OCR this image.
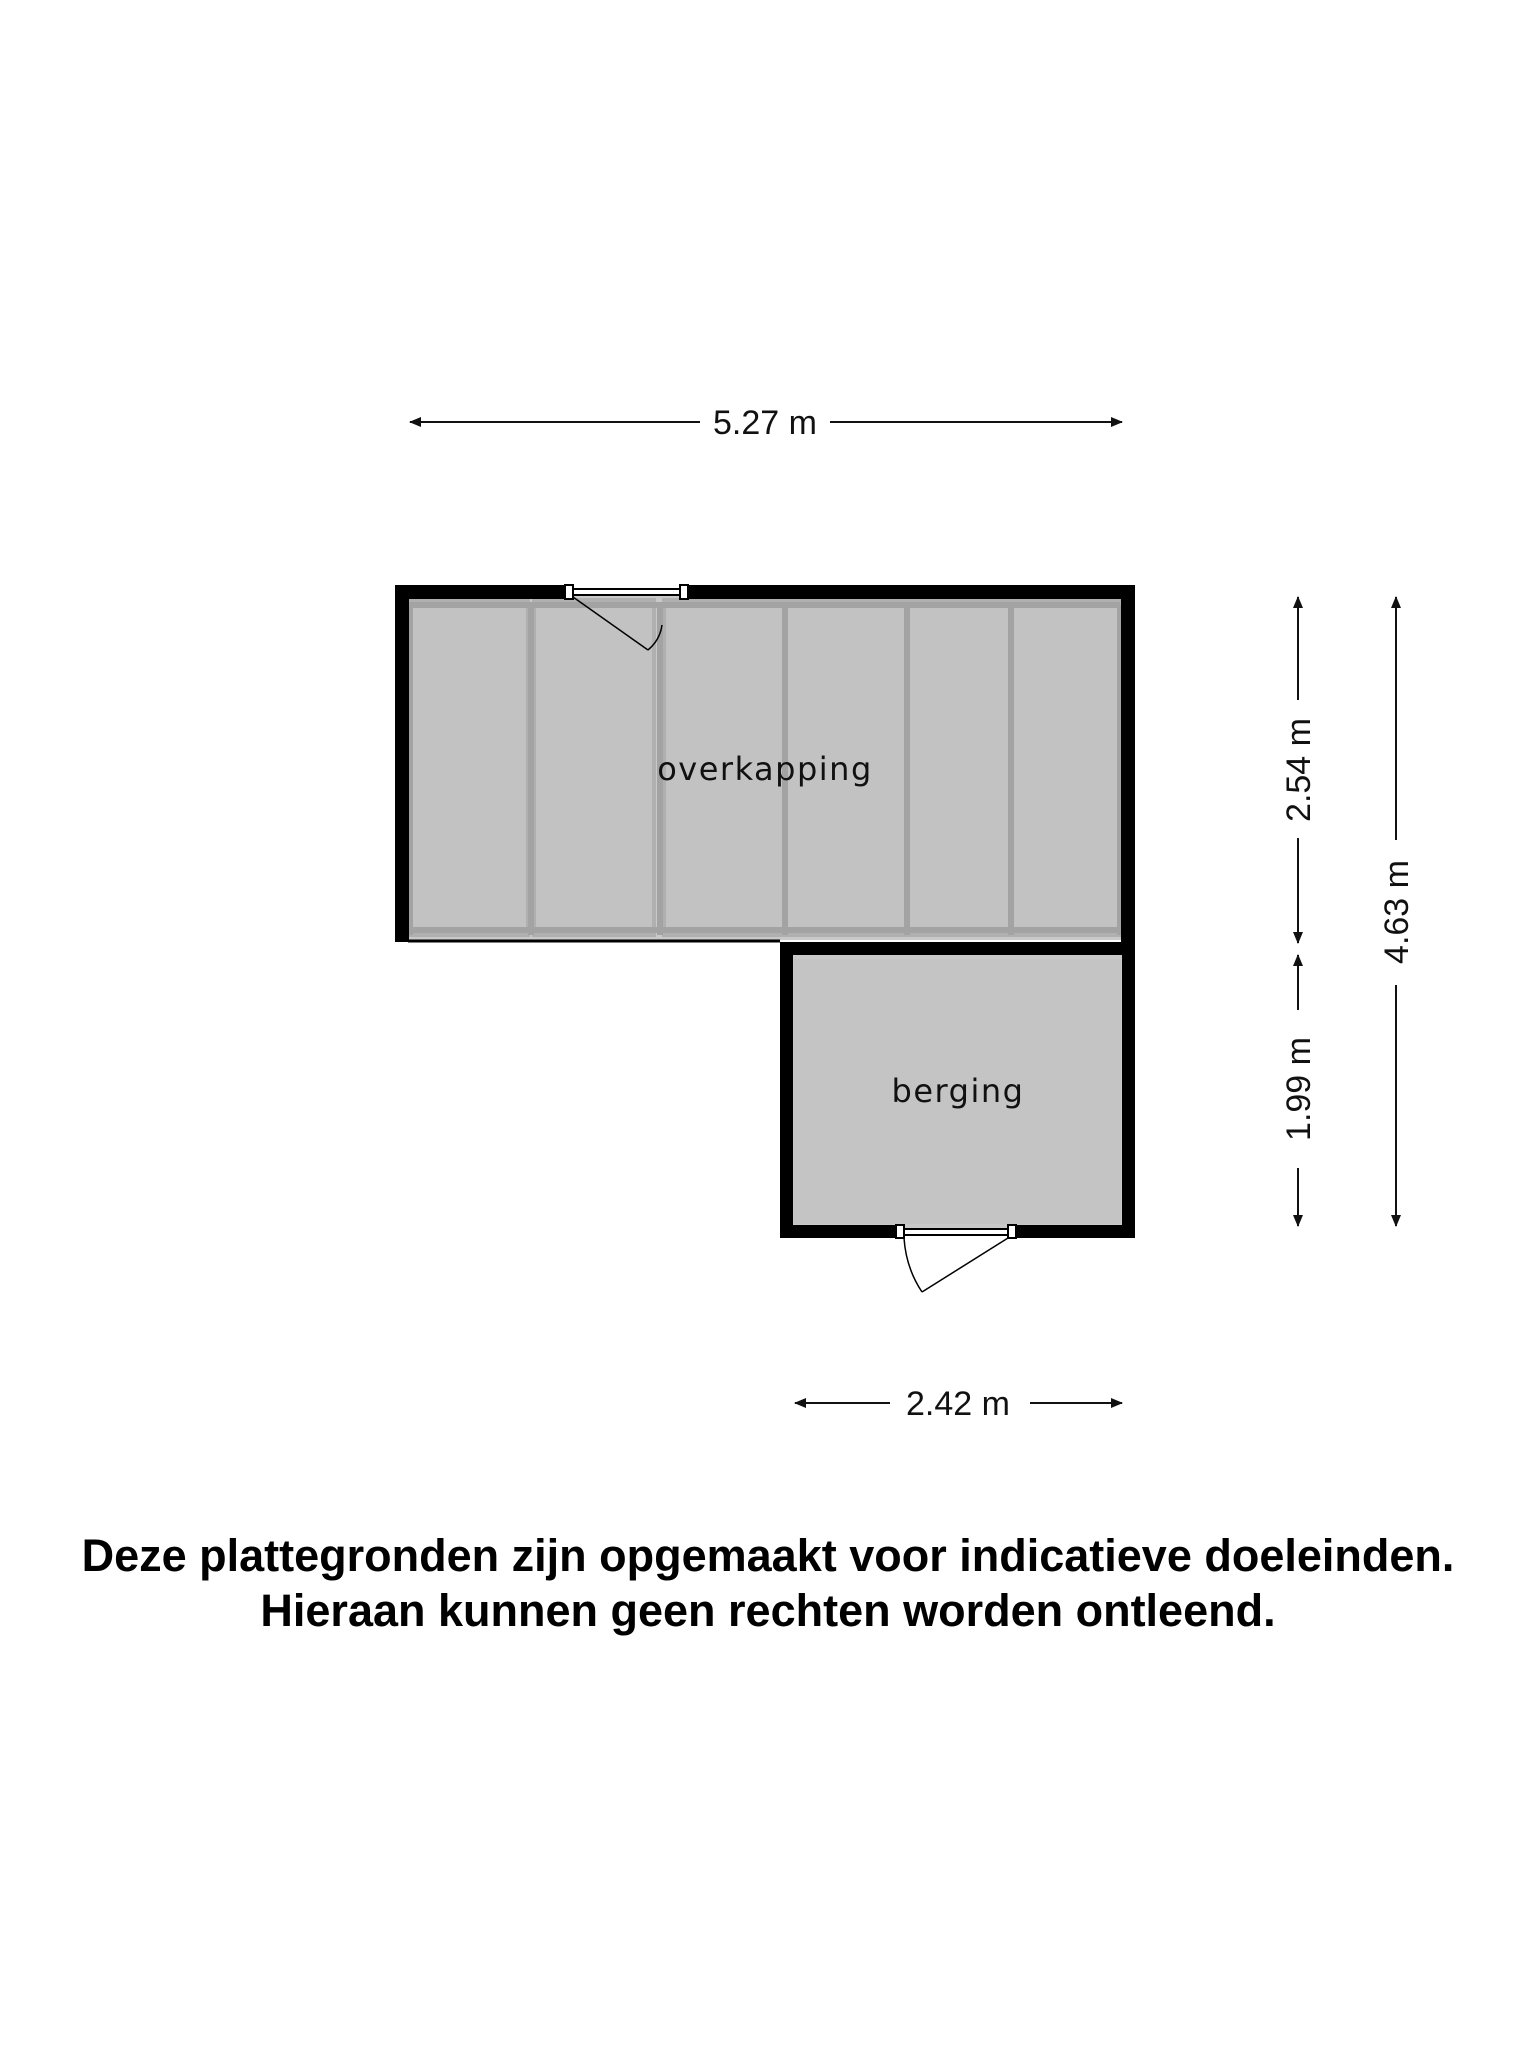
overkapping
berging
5.27 m
2.42 m
2.54 m
1.99 m
4.63 m
Deze plattegronden zijn opgemaakt voor indicatieve doeleinden.
Hieraan kunnen geen rechten worden ontleend.
